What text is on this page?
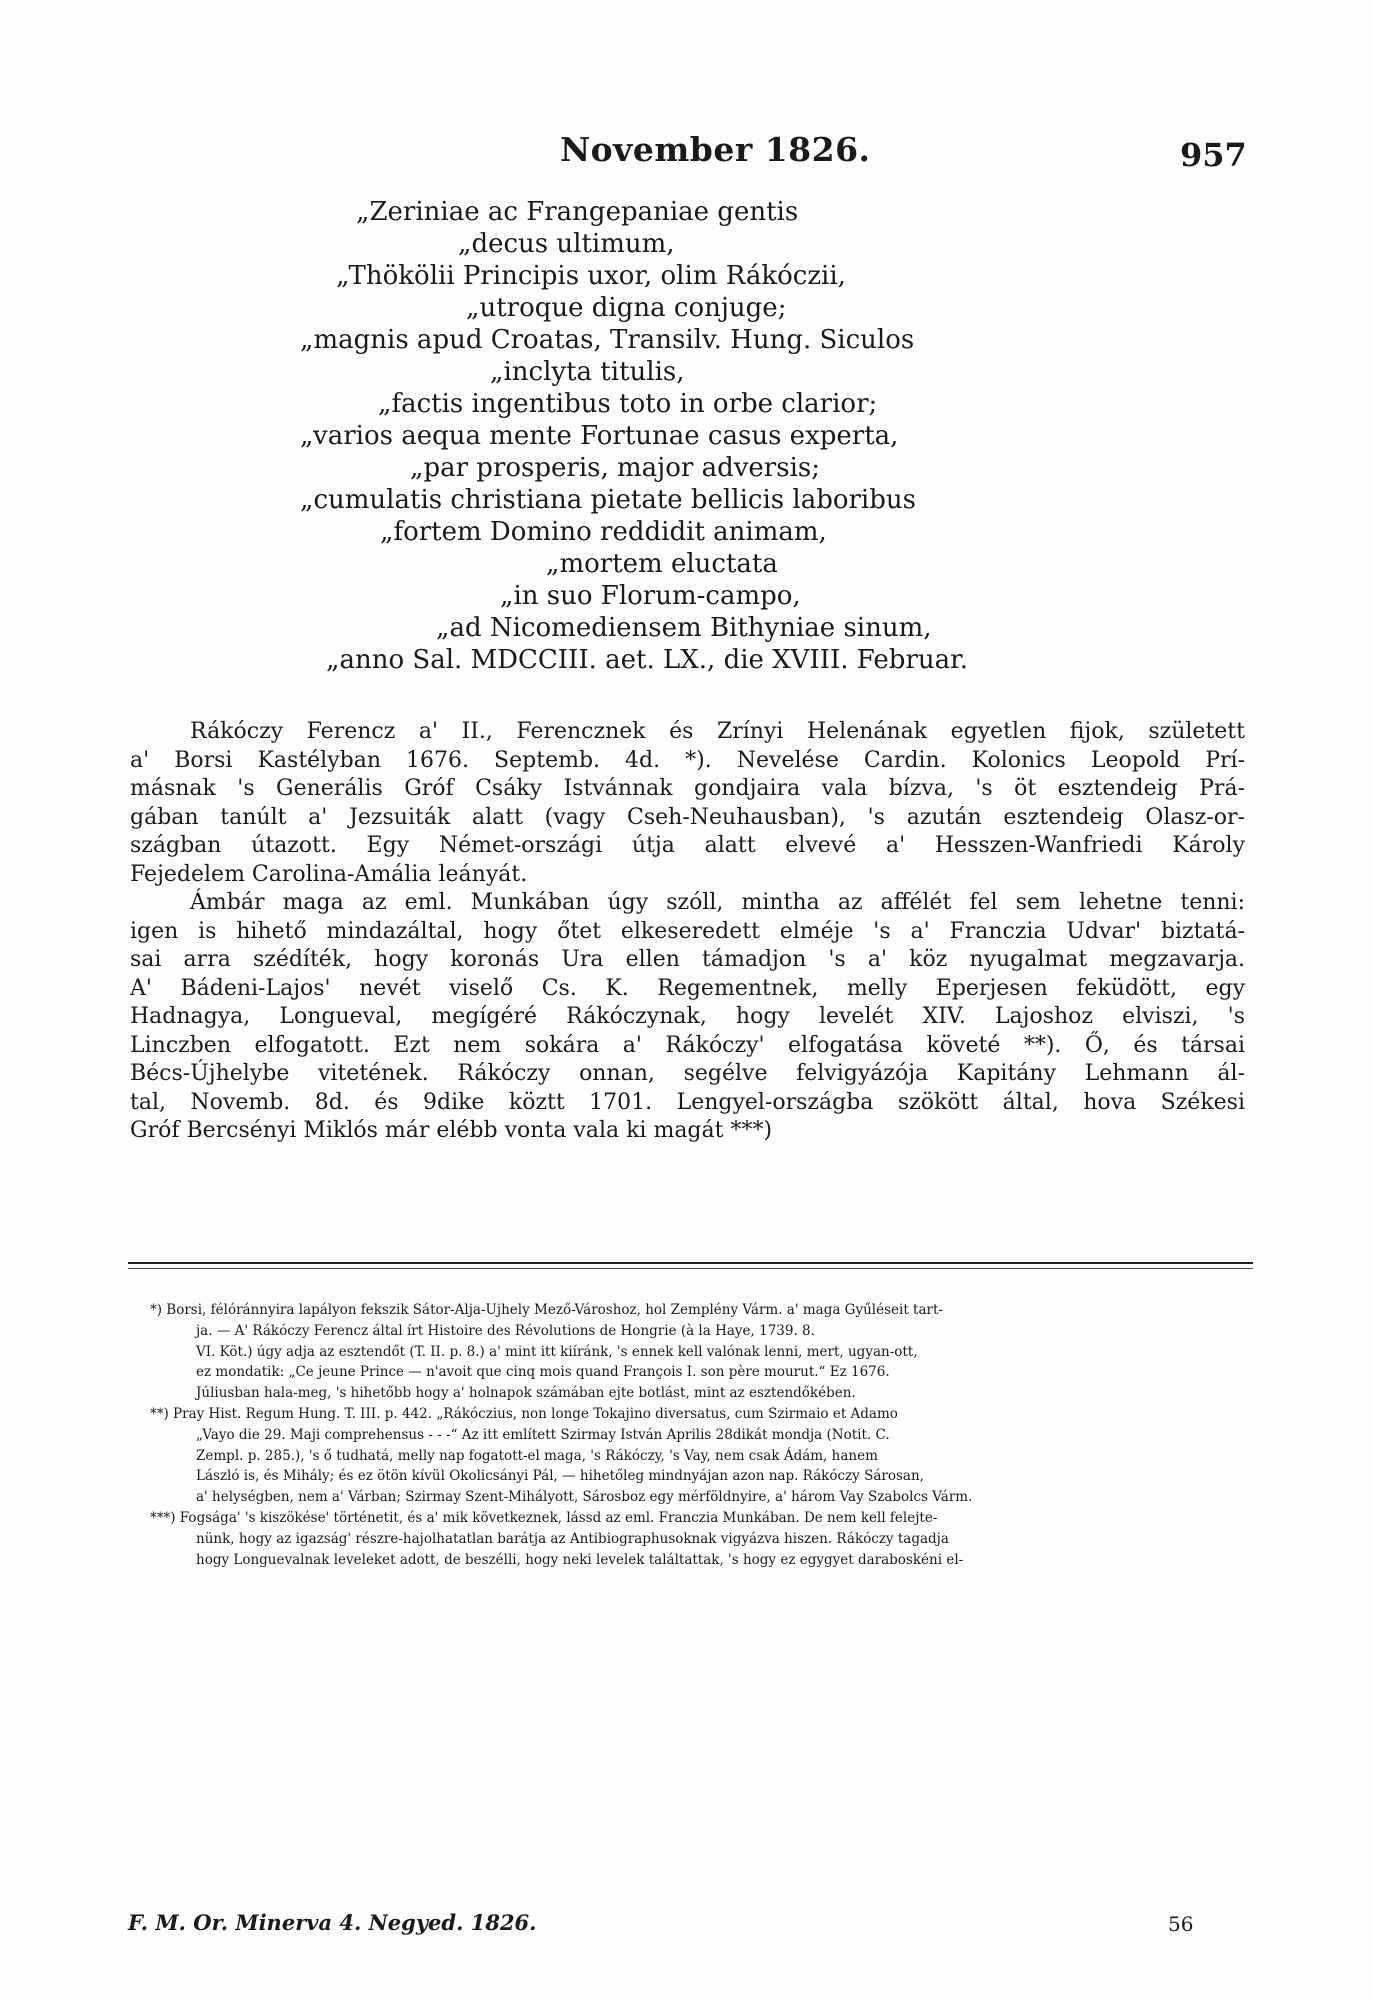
November 1826.	957
„Zeriniae ac Frangepaniae gentis
„decus ultimum,
„Thökölii Principis uxor, olim Rákóczii,
„utroque digna conjuge;
„magnis apud Croatas, Transilv. Hung. Siculos
„inclyta titulis,
„factis ingentibus toto in orbe clarior;
„varios aequa mente Fortunae casus experta,
„par prosperis, major adversis;
„cumulatis christiana pietate bellicis laboribus
„fortem Domino reddidit animam,
„mortem eluctata
„in suo Florum-campo,
„ad Nicomediensem Bithyniae sinum,
„anno Sal. MDCCIII. aet. LX., die XVIII. Februar.
Rákóczy Ferencz a' II., Ferencznek és Zrínyi Helenának egyetlen fijok, született
a' Borsi Kastélyban 1676. Septemb. 4d. *). Nevelése Cardin. Kolonics Leopold Prí-
másnak 's Generális Gróf Csáky Istvánnak gondjaira vala bízva, 's öt esztendeig Prá-
gában tanúlt a' Jezsuiták alatt (vagy Cseh-Neuhausban), 's azután esztendeig Olasz-or-
szágban útazott. Egy Német-országi útja alatt elvevé a' Hesszen-Wanfriedi Károly
Fejedelem Carolina-Amália leányát.
Ámbár maga az eml. Munkában úgy szóll, mintha az affélét fel sem lehetne tenni:
igen is hihető mindazáltal, hogy őtet elkeseredett elméje 's a' Franczia Udvar' biztatá-
sai arra szédíték, hogy koronás Ura ellen támadjon 's a' köz nyugalmat megzavarja.
A' Bádeni-Lajos' nevét viselő Cs. K. Regementnek, melly Eperjesen feküdött, egy
Hadnagya, Longueval, megígéré Rákóczynak, hogy levelét XIV. Lajoshoz elviszi, 's
Linczben elfogatott. Ezt nem sokára a' Rákóczy' elfogatása követé **). Ő, és társai
Bécs-Újhelybe vitetének. Rákóczy onnan, segélve felvigyázója Kapitány Lehmann ál-
tal, Novemb. 8d. és 9dike köztt 1701. Lengyel-országba szökött által, hova Székesi
Gróf Bercsényi Miklós már elébb vonta vala ki magát ***)
*) Borsi, félóránnyira lapályon fekszik Sátor-Alja-Ujhely Mező-Városhoz, hol Zemplény Várm. a' maga Gyűléseit tart-
ja. — A' Rákóczy Ferencz által írt Histoire des Révolutions de Hongrie (à la Haye, 1739. 8.
VI. Köt.) úgy adja az esztendőt (T. II. p. 8.) a' mint itt kiíránk, 's ennek kell valónak lenni, mert, ugyan-ott,
ez mondatik: „Ce jeune Prince — n'avoit que cinq mois quand François I. son père mourut.“ Ez 1676.
Júliusban hala-meg, 's hihetőbb hogy a' holnapok számában ejte botlást, mint az esztendőkében.
**) Pray Hist. Regum Hung. T. III. p. 442. „Rákóczius, non longe Tokajino diversatus, cum Szirmaio et Adamo
„Vayo die 29. Maji comprehensus - - -“ Az itt említett Szirmay István Aprilis 28dikát mondja (Notit. C.
Zempl. p. 285.), 's ő tudhatá, melly nap fogatott-el maga, 's Rákóczy, 's Vay, nem csak Ádám, hanem
László is, és Mihály; és ez ötön kívül Okolicsányi Pál, — hihetőleg mindnyájan azon nap. Rákóczy Sárosan,
a' helységben, nem a' Várban; Szirmay Szent-Mihályott, Sárosboz egy mérföldnyire, a' három Vay Szabolcs Várm.
***) Fogsága' 's kiszökése' történetit, és a' mik következnek, lássd az eml. Franczia Munkában. De nem kell felejte-
nünk, hogy az igazság' részre-hajolhatatlan barátja az Antibiographusoknak vigyázva hiszen. Rákóczy tagadja
hogy Longuevalnak leveleket adott, de beszélli, hogy neki levelek találtattak, 's hogy ez egygyet daraboskéni el-
F. M. Or. Minerva 4. Negyed. 1826.	56
